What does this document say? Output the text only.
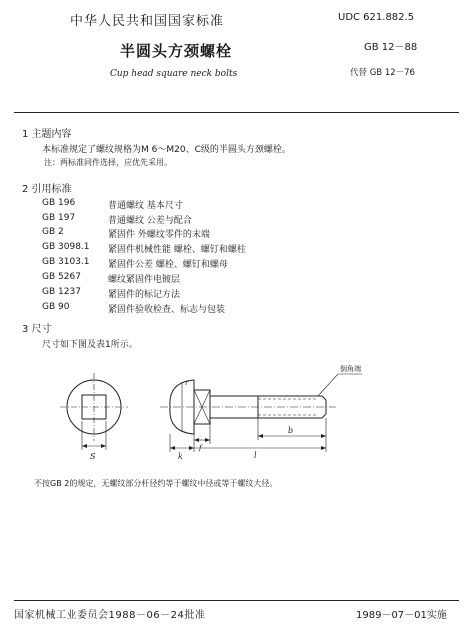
中华人民共和国国家标准	UDC 621.882.5
半圆头方颈螺栓	GB 12－88
Cup head square neck bolts	代替 GB 12－76
1 主题内容
本标准规定了螺纹规格为M 6～M20、C级的半圆头方颈螺栓。
注：两标准同件选择，应优先采用。
2 引用标准
GB 196	普通螺纹 基本尺寸
GB 197	普通螺纹 公差与配合
GB 2	紧固件 外螺纹零件的末端
GB 3098.1 紧固件机械性能 螺栓、螺钉和螺柱
GB 3103.1 紧固件公差 螺栓、螺钉和螺母
GB 5267	螺纹紧固件电镀层
GB 1237	紧固件的标记方法
GB 90	紧固件验收检查、标志与包装
3 尺寸
尺寸如下图及表1所示。
S	k
f
l
b
r
倒角端
不按GB 2的规定，无螺纹部分杆径约等于螺纹中径或等于螺纹大径。
国家机械工业委员会1988－06－24批准	1989－07－01实施
